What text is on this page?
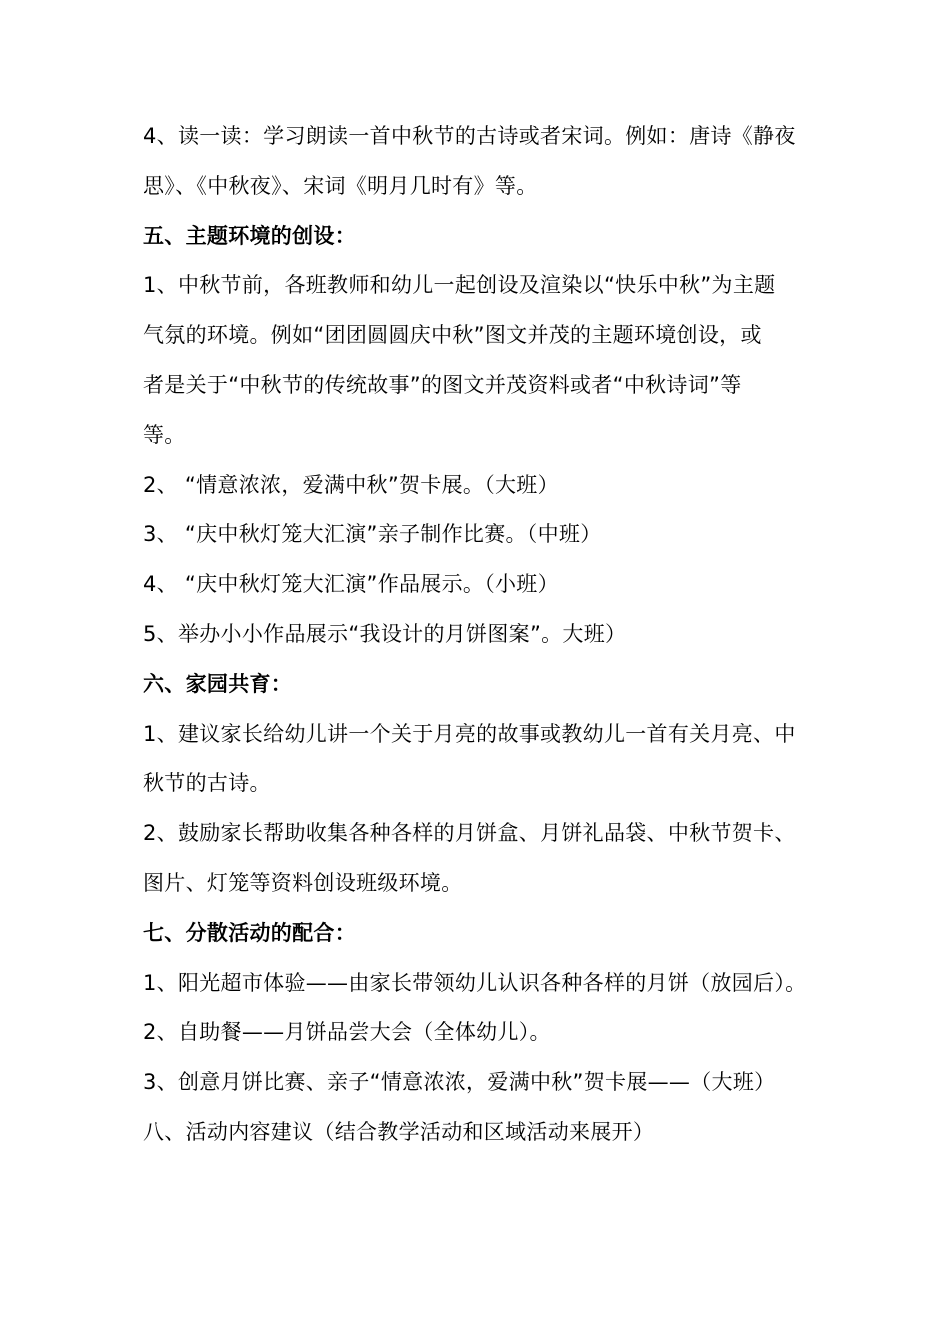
4、读一读：学习朗读一首中秋节的古诗或者宋词。例如：唐诗《静夜
思》、《中秋夜》、宋词《明月几时有》等。
五、主题环境的创设：
1、中秋节前，各班教师和幼儿一起创设及渲染以“快乐中秋”为主题
气氛的环境。例如“团团圆圆庆中秋”图文并茂的主题环境创设，或
者是关于“中秋节的传统故事”的图文并茂资料或者“中秋诗词”等
等。
2、 “情意浓浓，爱满中秋”贺卡展。（大班）
3、 “庆中秋灯笼大汇演”亲子制作比赛。（中班）
4、 “庆中秋灯笼大汇演”作品展示。（小班）
5、举办小小作品展示“我设计的月饼图案”。大班）
六、家园共育：
1、建议家长给幼儿讲一个关于月亮的故事或教幼儿一首有关月亮、中
秋节的古诗。
2、鼓励家长帮助收集各种各样的月饼盒、月饼礼品袋、中秋节贺卡、
图片、灯笼等资料创设班级环境。
七、分散活动的配合：
1、阳光超市体验——由家长带领幼儿认识各种各样的月饼（放园后）。
2、自助餐——月饼品尝大会（全体幼儿）。
3、创意月饼比赛、亲子“情意浓浓，爱满中秋”贺卡展——（大班）
八、活动内容建议（结合教学活动和区域活动来展开）
